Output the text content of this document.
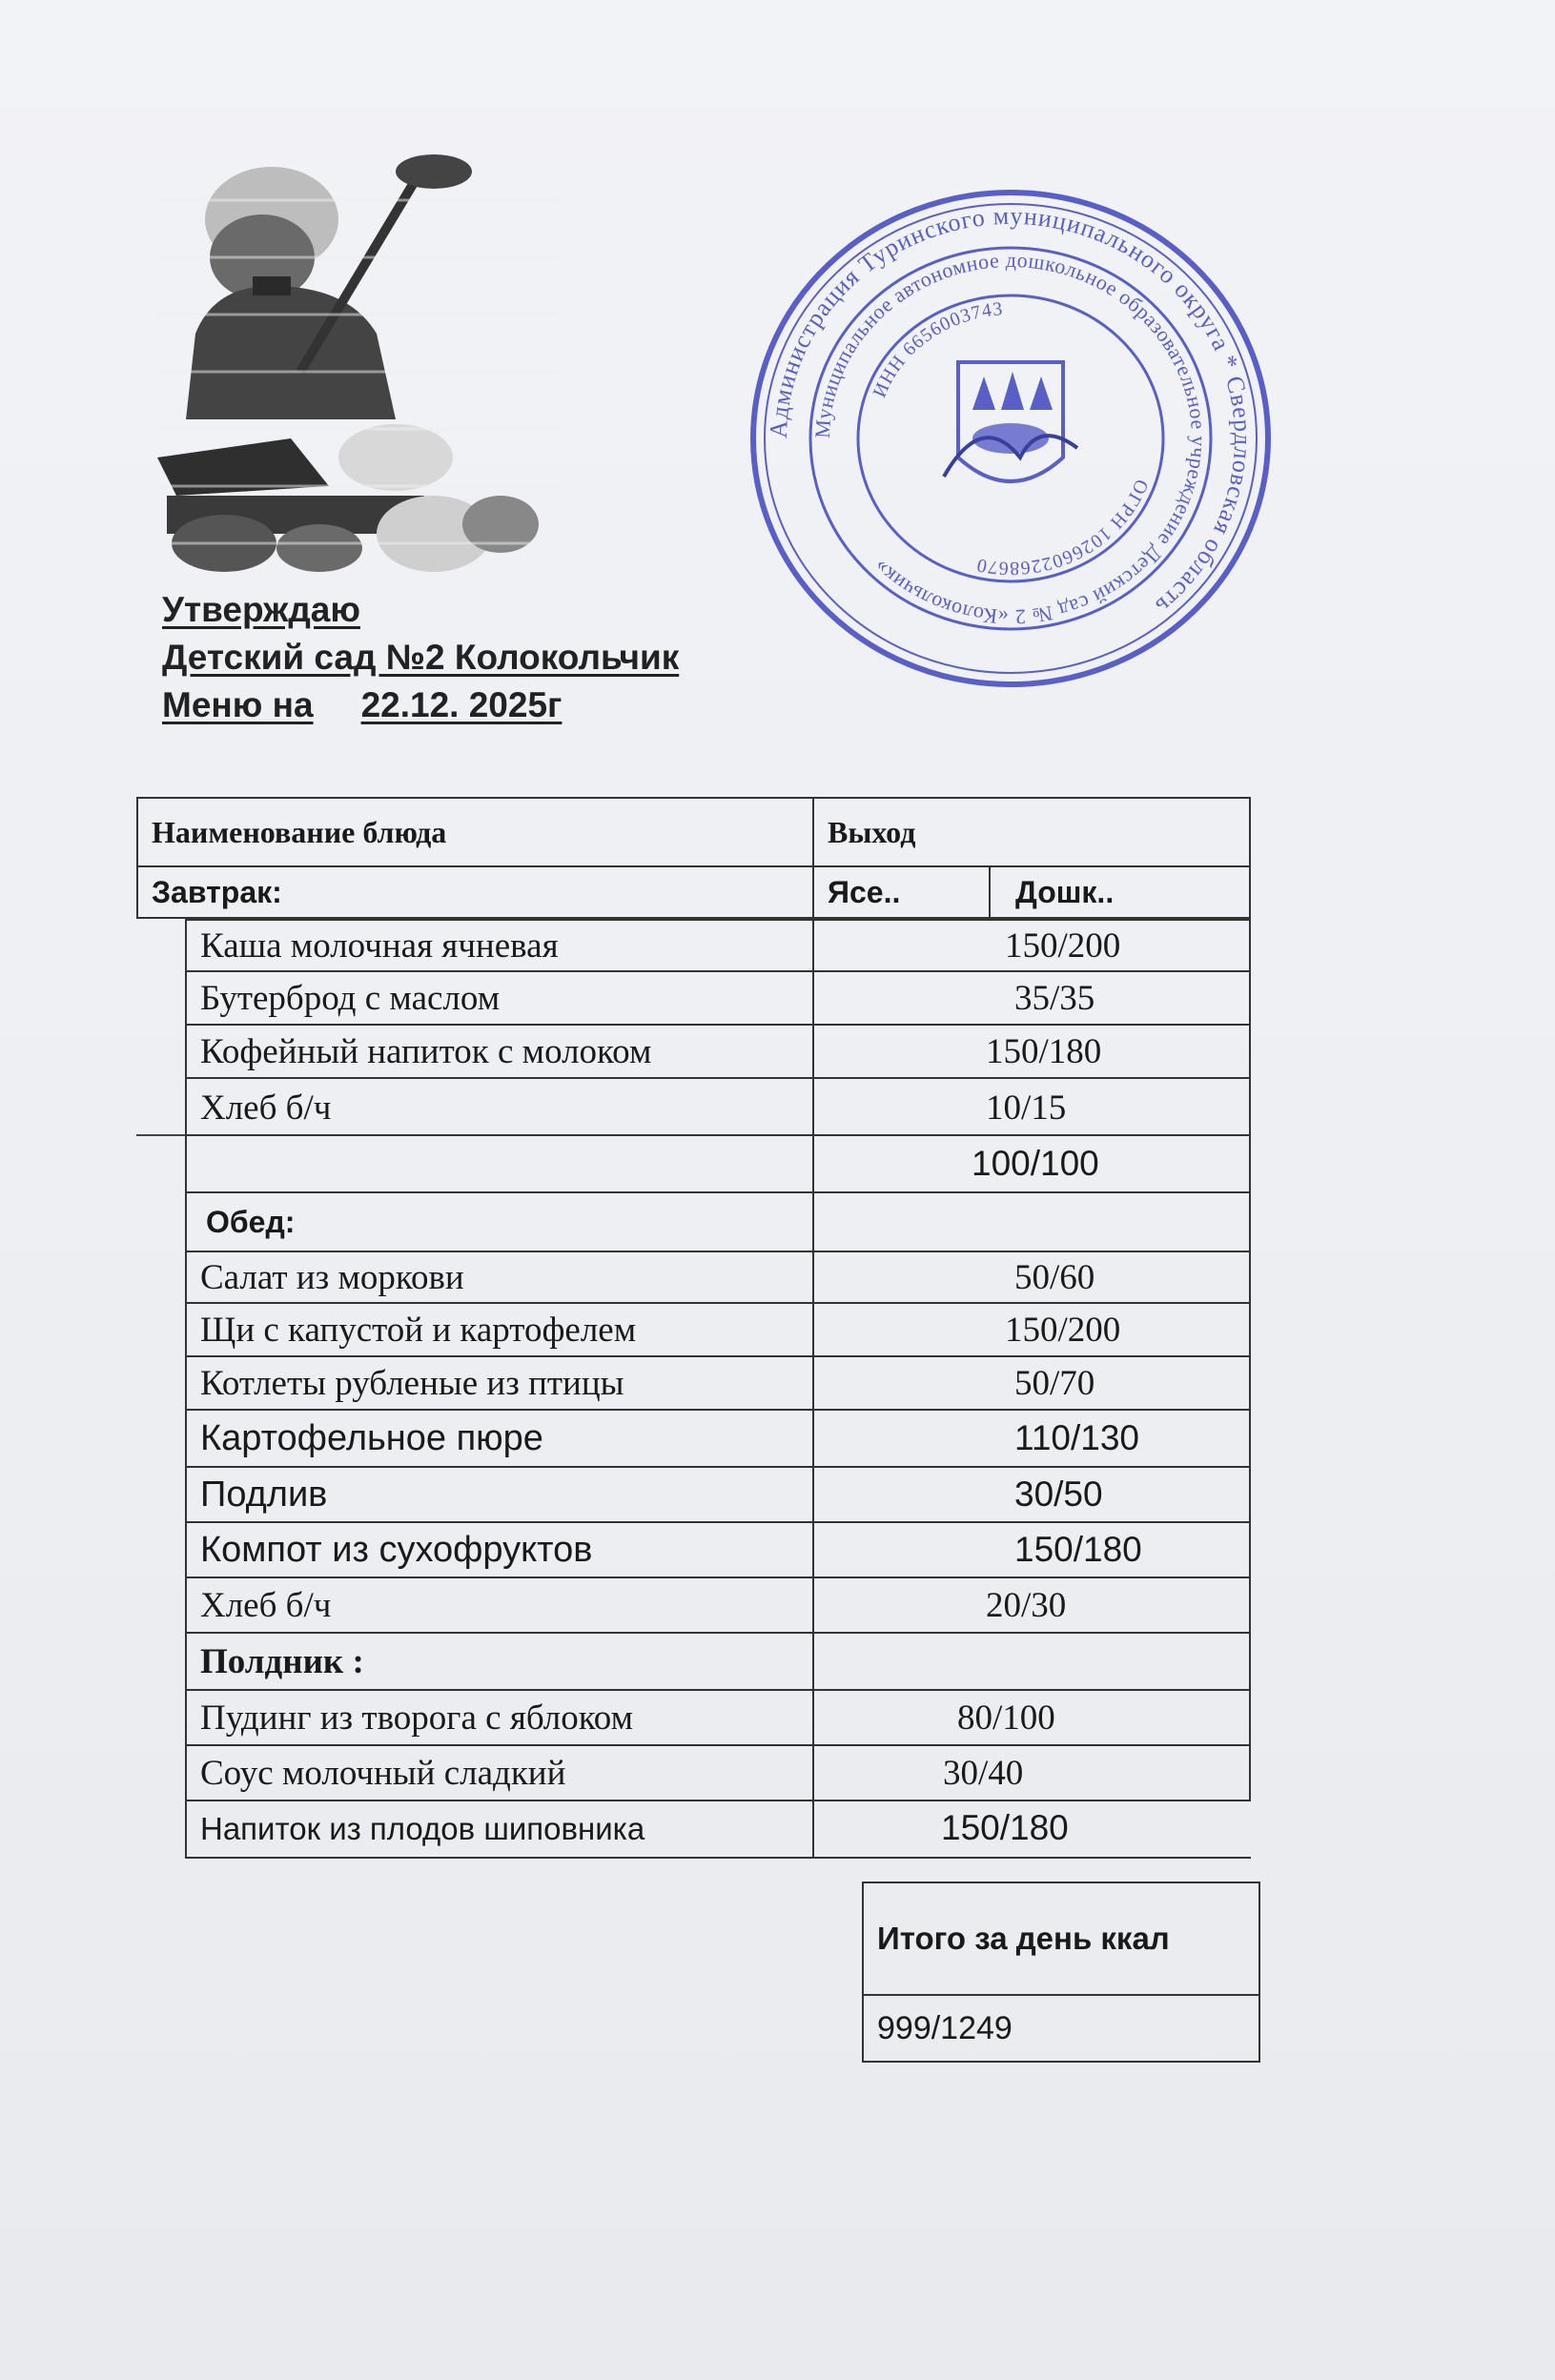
Администрация Туринского муниципального округа * Свердловская область
Муниципальное автономное дошкольное образовательное учреждение Детский сад № 2 «Колокольчик»
ИНН 6656003743
ОГРН 1026602268670
Утверждаю
Детский сад №2 Колокольчик
Меню на 22.12. 2025г
Наименование блюда	Выход
Завтрак:	Ясе..	Дошк..
Каша молочная ячневая	150/200
Бутерброд с маслом	35/35
Кофейный напиток с молоком	150/180
Хлеб б/ч	10/15
100/100
Обед:
Салат из моркови	50/60
Щи с капустой и картофелем	150/200
Котлеты рубленые из птицы	50/70
Картофельное пюре	110/130
Подлив	30/50
Компот из сухофруктов	150/180
Хлеб б/ч	20/30
Полдник :
Пудинг из творога с яблоком	80/100
Соус молочный сладкий	30/40
Напиток из плодов шиповника	150/180
Итого за день ккал
999/1249
